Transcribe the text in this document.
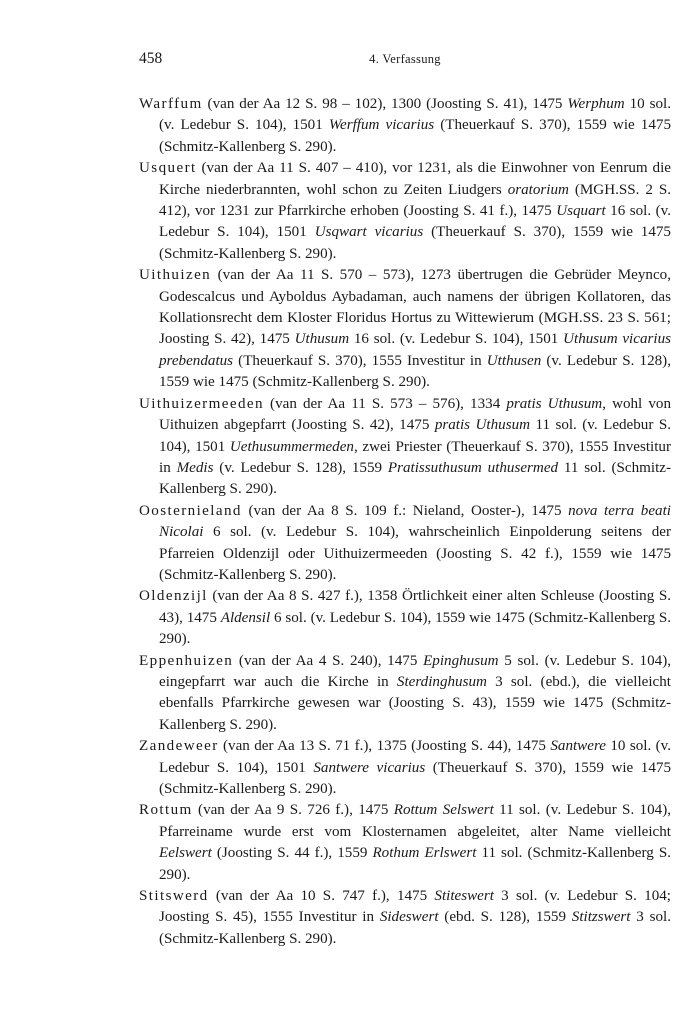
458	4. Verfassung

Warffum (van der Aa 12 S. 98 – 102), 1300 (Joosting S. 41), 1475 Werphum 10 sol. (v. Ledebur S. 104), 1501 Werffum vicarius (Theuerkauf S. 370), 1559 wie 1475 (Schmitz-Kallenberg S. 290).

Usquert (van der Aa 11 S. 407 – 410), vor 1231, als die Einwohner von Eenrum die Kirche niederbrannten, wohl schon zu Zeiten Liudgers oratorium (MGH.SS. 2 S. 412), vor 1231 zur Pfarrkirche erhoben (Joosting S. 41 f.), 1475 Usquart 16 sol. (v. Ledebur S. 104), 1501 Usqwart vicarius (Theuerkauf S. 370), 1559 wie 1475 (Schmitz-Kallenberg S. 290).

Uithuizen (van der Aa 11 S. 570 – 573), 1273 übertrugen die Gebrüder Meynco, Godescalcus und Ayboldus Aybadaman, auch namens der übrigen Kollatoren, das Kollationsrecht dem Kloster Floridus Hortus zu Wittewierum (MGH.SS. 23 S. 561; Joosting S. 42), 1475 Uthusum 16 sol. (v. Ledebur S. 104), 1501 Uthusum vicarius prebendatus (Theuerkauf S. 370), 1555 Investitur in Utthusen (v. Ledebur S. 128), 1559 wie 1475 (Schmitz-Kallenberg S. 290).

Uithuizermeeden (van der Aa 11 S. 573 – 576), 1334 pratis Uthusum, wohl von Uithuizen abgepfarrt (Joosting S. 42), 1475 pratis Uthusum 11 sol. (v. Ledebur S. 104), 1501 Uethusummermeden, zwei Priester (Theuerkauf S. 370), 1555 Investitur in Medis (v. Ledebur S. 128), 1559 Pratissuthusum uthusermed 11 sol. (Schmitz-Kallenberg S. 290).

Oosternieland (van der Aa 8 S. 109 f.: Nieland, Ooster-), 1475 nova terra beati Nicolai 6 sol. (v. Ledebur S. 104), wahrscheinlich Einpolderung seitens der Pfarreien Oldenzijl oder Uithuizermeeden (Joosting S. 42 f.), 1559 wie 1475 (Schmitz-Kallenberg S. 290).

Oldenzijl (van der Aa 8 S. 427 f.), 1358 Örtlichkeit einer alten Schleuse (Joosting S. 43), 1475 Aldensil 6 sol. (v. Ledebur S. 104), 1559 wie 1475 (Schmitz-Kallenberg S. 290).

Eppenhuizen (van der Aa 4 S. 240), 1475 Epinghusum 5 sol. (v. Ledebur S. 104), eingepfarrt war auch die Kirche in Sterdinghusum 3 sol. (ebd.), die vielleicht ebenfalls Pfarrkirche gewesen war (Joosting S. 43), 1559 wie 1475 (Schmitz-Kallenberg S. 290).

Zandeweer (van der Aa 13 S. 71 f.), 1375 (Joosting S. 44), 1475 Santwere 10 sol. (v. Ledebur S. 104), 1501 Santwere vicarius (Theuerkauf S. 370), 1559 wie 1475 (Schmitz-Kallenberg S. 290).

Rottum (van der Aa 9 S. 726 f.), 1475 Rottum Selswert 11 sol. (v. Ledebur S. 104), Pfarreiname wurde erst vom Klosternamen abgeleitet, alter Name vielleicht Eelswert (Joosting S. 44 f.), 1559 Rothum Erlswert 11 sol. (Schmitz-Kallenberg S. 290).

Stitswerd (van der Aa 10 S. 747 f.), 1475 Stiteswert 3 sol. (v. Ledebur S. 104; Joosting S. 45), 1555 Investitur in Sideswert (ebd. S. 128), 1559 Stitzswert 3 sol. (Schmitz-Kallenberg S. 290).
